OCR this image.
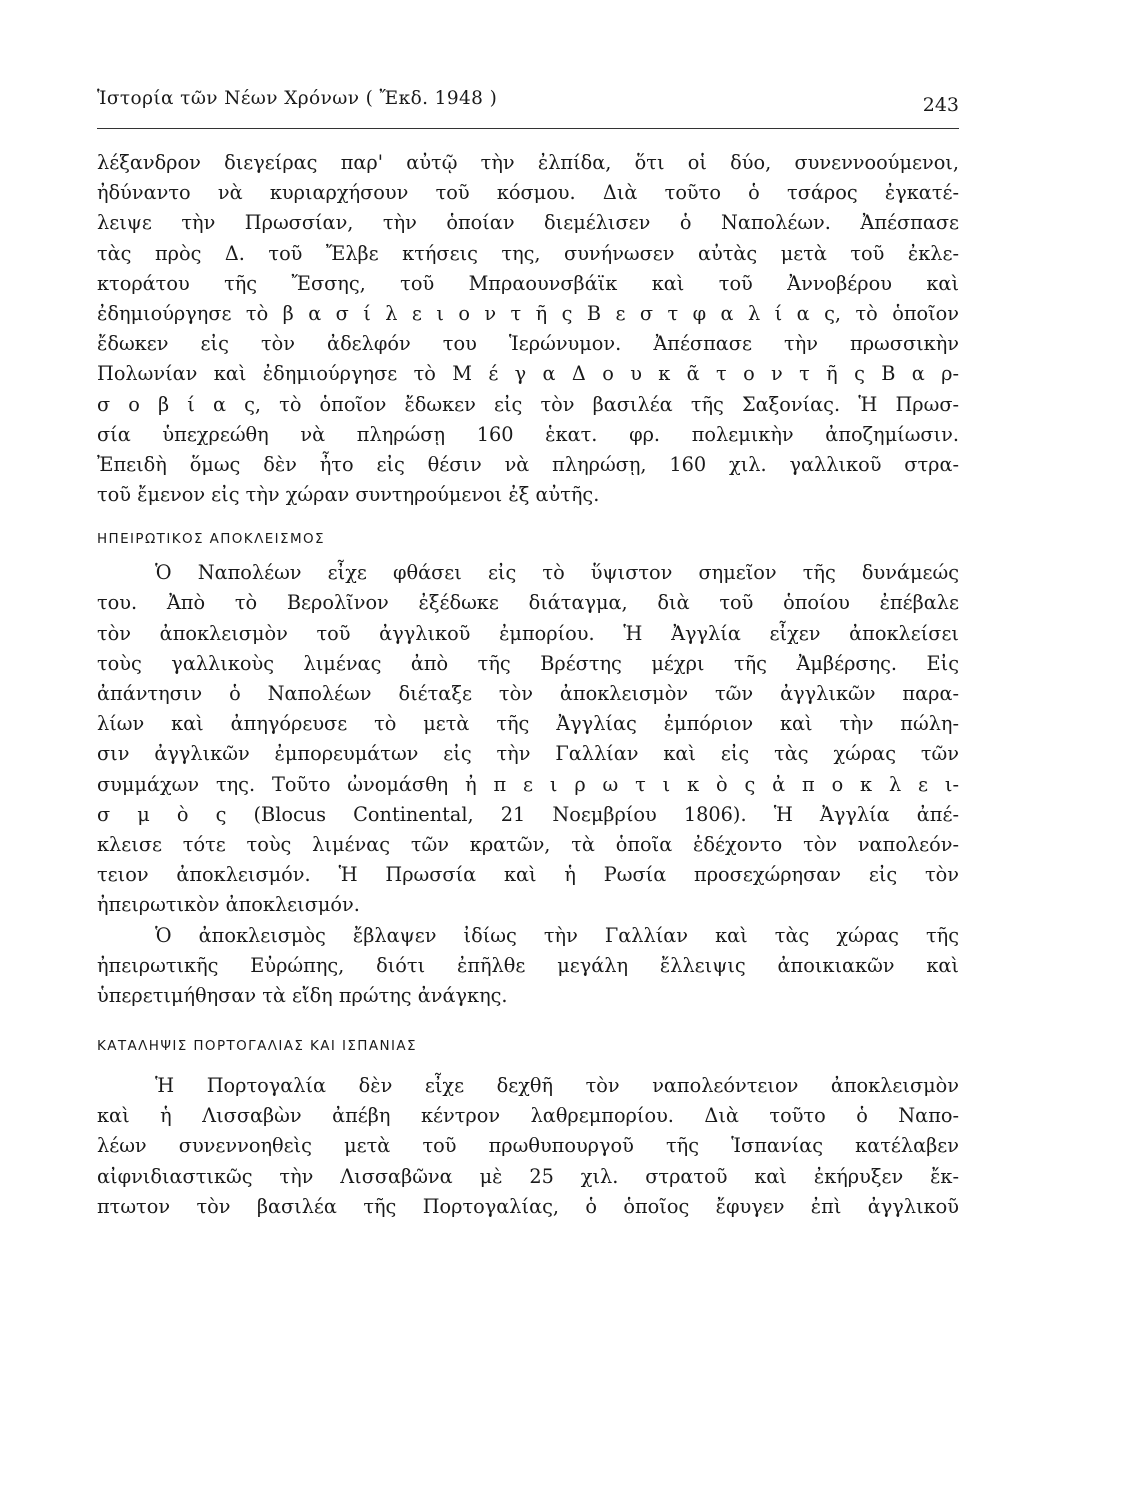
Ἱστορία τῶν Νέων Χρόνων ( Ἔκδ. 1948 )	243
λέξανδρον διεγείρας παρ' αὐτῷ τὴν ἐλπίδα, ὅτι οἱ δύο, συνεννοούμενοι,
ἠδύναντο νὰ κυριαρχήσουν τοῦ κόσμου. Διὰ τοῦτο ὁ τσάρος ἐγκατέ-
λειψε τὴν Πρωσσίαν, τὴν ὁποίαν διεμέλισεν ὁ Ναπολέων. Ἀπέσπασε
τὰς πρὸς Δ. τοῦ Ἔλβε κτήσεις της, συνήνωσεν αὐτὰς μετὰ τοῦ ἐκλε-
κτοράτου τῆς Ἔσσης, τοῦ Μπραουνσβάϊκ καὶ τοῦ Ἀννοβέρου καὶ
ἐδημιούργησε τὸ β α σ ί λ ε ι ο ν τ ῆ ς Β ε σ τ φ α λ ί α ς, τὸ ὁποῖον
ἔδωκεν εἰς τὸν ἀδελφόν του Ἱερώνυμον. Ἀπέσπασε τὴν πρωσσικὴν
Πολωνίαν καὶ ἐδημιούργησε τὸ Μ έ γ α Δ ο υ κ ᾶ τ ο ν τ ῆ ς Β α ρ-
σ ο β ί α ς, τὸ ὁποῖον ἔδωκεν εἰς τὸν βασιλέα τῆς Σαξονίας. Ἡ Πρωσ-
σία ὑπεχρεώθη νὰ πληρώσῃ 160 ἑκατ. φρ. πολεμικὴν ἀποζημίωσιν.
Ἐπειδὴ ὅμως δὲν ἦτο εἰς θέσιν νὰ πληρώσῃ, 160 χιλ. γαλλικοῦ στρα-
τοῦ ἔμενον εἰς τὴν χώραν συντηρούμενοι ἐξ αὐτῆς.
ΗΠΕΙΡΩΤΙΚΟΣ ΑΠΟΚΛΕΙΣΜΟΣ
Ὁ Ναπολέων εἶχε φθάσει εἰς τὸ ὕψιστον σημεῖον τῆς δυνάμεώς
του. Ἀπὸ τὸ Βερολῖνον ἐξέδωκε διάταγμα, διὰ τοῦ ὁποίου ἐπέβαλε
τὸν ἀποκλεισμὸν τοῦ ἀγγλικοῦ ἐμπορίου. Ἡ Ἀγγλία εἶχεν ἀποκλείσει
τοὺς γαλλικοὺς λιμένας ἀπὸ τῆς Βρέστης μέχρι τῆς Ἀμβέρσης. Εἰς
ἀπάντησιν ὁ Ναπολέων διέταξε τὸν ἀποκλεισμὸν τῶν ἀγγλικῶν παρα-
λίων καὶ ἀπηγόρευσε τὸ μετὰ τῆς Ἀγγλίας ἐμπόριον καὶ τὴν πώλη-
σιν ἀγγλικῶν ἐμπορευμάτων εἰς τὴν Γαλλίαν καὶ εἰς τὰς χώρας τῶν
συμμάχων της. Τοῦτο ὠνομάσθη ἠ π ε ι ρ ω τ ι κ ὸ ς ἀ π ο κ λ ε ι-
σ μ ὸ ς (Blocus Continental, 21 Νοεμβρίου 1806). Ἡ Ἀγγλία ἀπέ-
κλεισε τότε τοὺς λιμένας τῶν κρατῶν, τὰ ὁποῖα ἐδέχοντο τὸν ναπολεόν-
τειον ἀποκλεισμόν. Ἡ Πρωσσία καὶ ἡ Ρωσία προσεχώρησαν εἰς τὸν
ἠπειρωτικὸν ἀποκλεισμόν.
Ὁ ἀποκλεισμὸς ἔβλαψεν ἰδίως τὴν Γαλλίαν καὶ τὰς χώρας τῆς
ἠπειρωτικῆς Εὐρώπης, διότι ἐπῆλθε μεγάλη ἔλλειψις ἀποικιακῶν καὶ
ὑπερετιμήθησαν τὰ εἴδη πρώτης ἀνάγκης.
ΚΑΤΑΛΗΨΙΣ ΠΟΡΤΟΓΑΛΙΑΣ ΚΑΙ ΙΣΠΑΝΙΑΣ
Ἡ Πορτογαλία δὲν εἶχε δεχθῆ τὸν ναπολεόντειον ἀποκλεισμὸν
καὶ ἡ Λισσαβὼν ἀπέβη κέντρον λαθρεμπορίου. Διὰ τοῦτο ὁ Ναπο-
λέων συνεννοηθεὶς μετὰ τοῦ πρωθυπουργοῦ τῆς Ἱσπανίας κατέλαβεν
αἰφνιδιαστικῶς τὴν Λισσαβῶνα μὲ 25 χιλ. στρατοῦ καὶ ἐκήρυξεν ἔκ-
πτωτον τὸν βασιλέα τῆς Πορτογαλίας, ὁ ὁποῖος ἔφυγεν ἐπὶ ἀγγλικοῦ
